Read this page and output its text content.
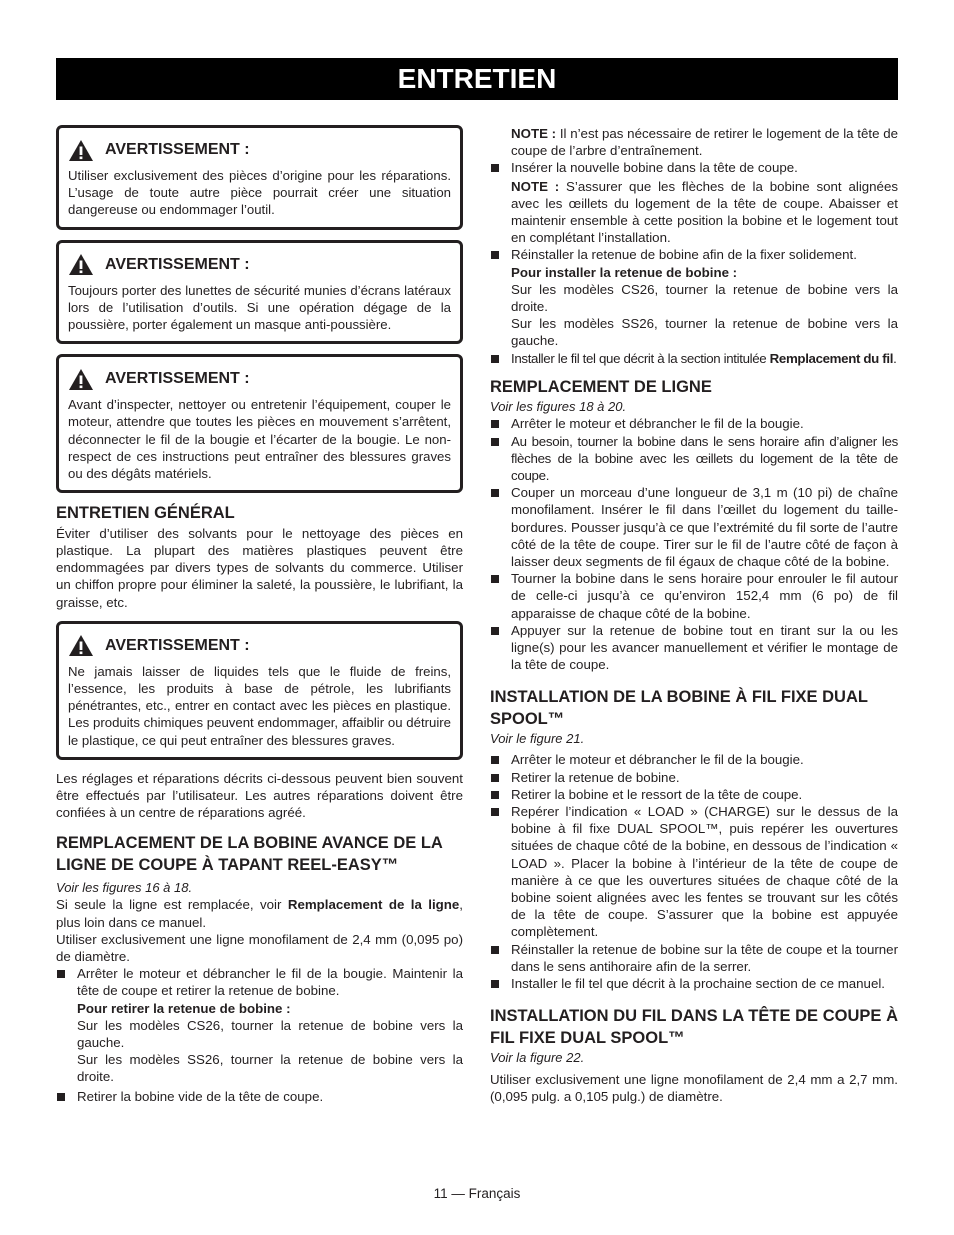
ENTRETIEN
AVERTISSEMENT :

Utiliser exclusivement des pièces d’origine pour les réparations. L’usage de toute autre pièce pourrait créer une situation dangereuse ou endommager l’outil.

AVERTISSEMENT :

Toujours porter des lunettes de sécurité munies d’écrans latéraux lors de l’utilisation d’outils. Si une opération dégage de la poussière, porter également un masque anti-poussière.

AVERTISSEMENT :

Avant d’inspecter, nettoyer ou entretenir l’équipement, couper le moteur, attendre que toutes les pièces en mouvement s’arrêtent, déconnecter le fil de la bougie et l’écarter de la bougie. Le non-respect de ces instructions peut entraîner des blessures graves ou des dégâts matériels.

ENTRETIEN GÉNÉRAL

Éviter d’utiliser des solvants pour le nettoyage des pièces en plastique. La plupart des matières plastiques peuvent être endommagées par divers types de solvants du commerce. Utiliser un chiffon propre pour éliminer la saleté, la poussière, le lubrifiant, la graisse, etc.

AVERTISSEMENT :

Ne jamais laisser de liquides tels que le fluide de freins, l’essence, les produits à base de pétrole, les lubrifiants pénétrantes, etc., entrer en contact avec les pièces en plastique. Les produits chimiques peuvent endommager, affaiblir ou détruire le plastique, ce qui peut entraîner des blessures graves.

Les réglages et réparations décrits ci-dessous peuvent bien souvent être effectués par l’utilisateur. Les autres réparations doivent être confiées à un centre de réparations agréé.

REMPLACEMENT DE LA BOBINE AVANCE DE LA LIGNE DE COUPE À TAPANT REEL-EASY™

Voir les figures 16 à 18.

Si seule la ligne est remplacée, voir Remplacement de la ligne, plus loin dans ce manuel.

Utiliser exclusivement une ligne monofilament de 2,4 mm (0,095 po) de diamètre.

Arrêter le moteur et débrancher le fil de la bougie. Maintenir la tête de coupe et retirer la retenue de bobine.

Pour retirer la retenue de bobine :

Sur les modèles CS26, tourner la retenue de bobine vers la gauche.

Sur les modèles SS26, tourner la retenue de bobine vers la droite.

Retirer la bobine vide de la tête de coupe.

NOTE : Il n’est pas nécessaire de retirer le logement de la tête de coupe de l’arbre d’entraînement.

Insérer la nouvelle bobine dans la tête de coupe.

NOTE : S’assurer que les flèches de la bobine sont alignées avec les œillets du logement de la tête de coupe. Abaisser et maintenir ensemble à cette position la bobine et le logement tout en complétant l’installation.

Réinstaller la retenue de bobine afin de la fixer solidement.

Pour installer la retenue de bobine :

Sur les modèles CS26, tourner la retenue de bobine vers la droite.

Sur les modèles SS26, tourner la retenue de bobine vers la gauche.

Installer le fil tel que décrit à la section intitulée Remplacement du fil.

REMPLACEMENT DE LIGNE

Voir les figures 18 à 20.

Arrêter le moteur et débrancher le fil de la bougie.

Au besoin, tourner la bobine dans le sens horaire afin d’aligner les flèches de la bobine avec les œillets du logement de la tête de coupe.

Couper un morceau d’une longueur de 3,1 m (10 pi) de chaîne monofilament. Insérer le fil dans l’œillet du logement du taille-bordures. Pousser jusqu’à ce que l’extrémité du fil sorte de l’autre côté de la tête de coupe. Tirer sur le fil de l’autre côté de façon à laisser deux segments de fil égaux de chaque côté de la bobine.

Tourner la bobine dans le sens horaire pour enrouler le fil autour de celle-ci jusqu’à ce qu’environ 152,4 mm (6 po) de fil apparaisse de chaque côté de la bobine.

Appuyer sur la retenue de bobine tout en tirant sur la ou les ligne(s) pour les avancer manuellement et vérifier le montage de la tête de coupe.

INSTALLATION DE LA BOBINE À FIL FIXE DUAL SPOOL™

Voir le figure 21.

Arrêter le moteur et débrancher le fil de la bougie.

Retirer la retenue de bobine.

Retirer la bobine et le ressort de la tête de coupe.

Repérer l’indication « LOAD » (CHARGE) sur le dessus de la bobine à fil fixe DUAL SPOOL™, puis repérer les ouvertures situées de chaque côté de la bobine, en dessous de l’indication « LOAD ». Placer la bobine à l’intérieur de la tête de coupe de manière à ce que les ouvertures situées de chaque côté de la bobine soient alignées avec les fentes se trouvant sur les côtés de la tête de coupe. S’assurer que la bobine est appuyée complètement.

Réinstaller la retenue de bobine sur la tête de coupe et la tourner dans le sens antihoraire afin de la serrer.

Installer le fil tel que décrit à la prochaine section de ce manuel.

INSTALLATION DU FIL DANS LA TÊTE DE COUPE À FIL FIXE DUAL SPOOL™

Voir la figure 22.

Utiliser exclusivement une ligne monofilament de 2,4 mm a 2,7 mm. (0,095 pulg. a 0,105 pulg.) de diamètre.

11 — Français
